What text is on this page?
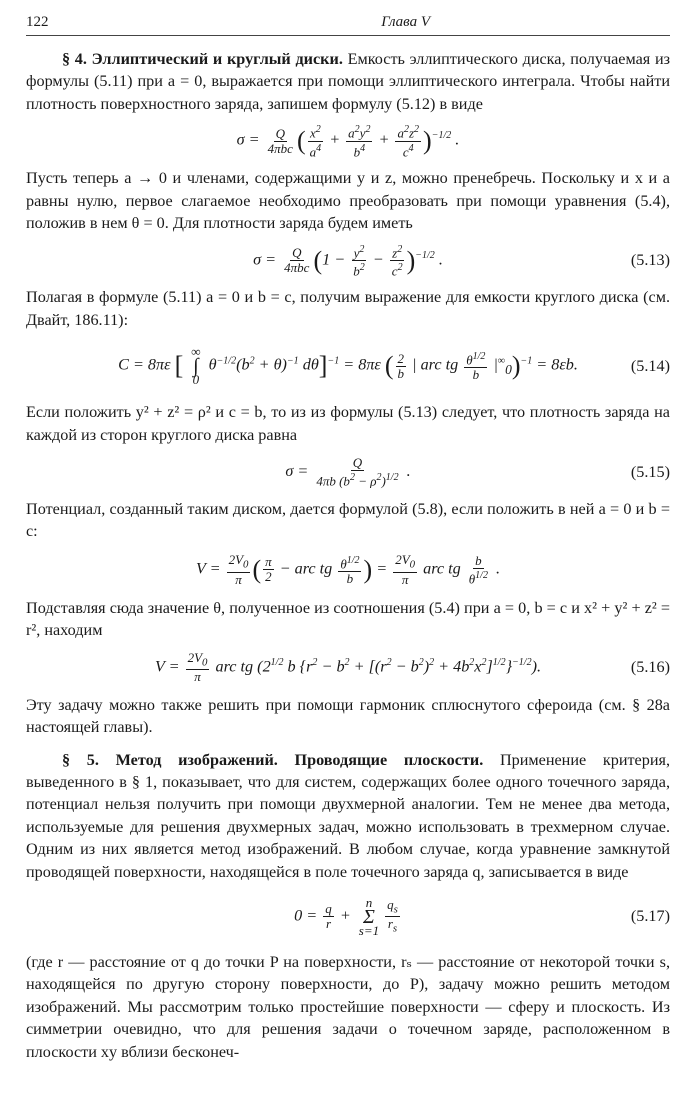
122	Глава V

§ 4. Эллиптический и круглый диски. Емкость эллиптического диска, получаемая из формулы (5.11) при a = 0, выражается при помощи эллиптического интеграла. Чтобы найти плотность поверхностного заряда, запишем формулу (5.12) в виде

$\sigma = \frac{Q}{\text{4πbc}}$ ( $\frac{x^2}{a^4} + \frac{a^2y^2}{b^4} + \frac{a^2z^2}{c^4} )^{-1/2}$ .

Пусть теперь a → 0 и членами, содержащими y и z, можно пренебречь. Поскольку и x и a равны нулю, первое слагаемое необходимо преобразовать при помощи уравнения (5.4), положив в нем θ = 0. Для плотности заряда будем иметь

$\sigma = \frac{Q}{\text{4πbc}} (1 - \frac{y^2}{b^2} - \frac{z^2}{c^2} )^{-1/2}$ .	(5.13)

Полагая в формуле (5.11) a = 0 и b = c, получим выражение для емкости круглого диска (см. Двайт, 186.11):

C = 8πε [ ∞
∫
0
$\theta^{-1/2}(b^2 + \theta)^{-1}$ dθ]$^{-1}$ = 8πε ( $\frac{2}{b}$ | arc tg $\frac{\theta^{1/2}}{b} |^\infty_0)^{-1} = 8\varepsilon b$.	(5.14)

Если положить y² + z² = ρ² и c = b, то из из формулы (5.13) следует, что плотность заряда на каждой из сторон круглого диска равна

$\sigma = \frac{Q}{4\pi b (b^2 - \rho^2)^{1/2}}$ .	(5.15)

Потенциал, созданный таким диском, дается формулой (5.8), если положить в ней a = 0 и b = c:

$V = \frac{2V_0}{\pi}$ ( $\frac{\pi}{2}$ − arc tg $\frac{\theta^{1/2}}{b}$ ) = $\frac{2V_0}{\pi}$ arc tg $\frac{b}{\theta^{1/2}}$ .

Подставляя сюда значение θ, полученное из соотношения (5.4) при a = 0, b = c и x² + y² + z² = r², находим

$V = \frac{2V_0}{\pi}$ arc tg ($2^{1/2}$ b $\{r^2 - b^2 + [(r^2 - b^2)^2 + 4b^2x^2]^{1/2}\}^{-1/2}$).	(5.16)

Эту задачу можно также решить при помощи гармоник сплюснутого сфероида (см. § 28а настоящей главы).

§ 5. Метод изображений. Проводящие плоскости. Применение критерия, выведенного в § 1, показывает, что для систем, содержащих более одного точечного заряда, потенциал нельзя получить при помощи двухмерной аналогии. Тем не менее два метода, используемые для решения двухмерных задач, можно использовать в трехмерном случае. Одним из них является метод изображений. В любом случае, когда уравнение замкнутой проводящей поверхности, находящейся в поле точечного заряда q, записывается в виде

$0 = \frac{q}{r}$ +
n
Σ
$s=1 \frac{q_s}{r_s}$	(5.17)

(где r — расстояние от q до точки P на поверхности, rₛ — расстояние от некоторой точки s, находящейся по другую сторону поверхности, до P), задачу можно решить методом изображений. Мы рассмотрим только простейшие поверхности — сферу и плоскость. Из симметрии очевидно, что для решения задачи о точечном заряде, расположенном в плоскости xy вблизи бесконеч-
